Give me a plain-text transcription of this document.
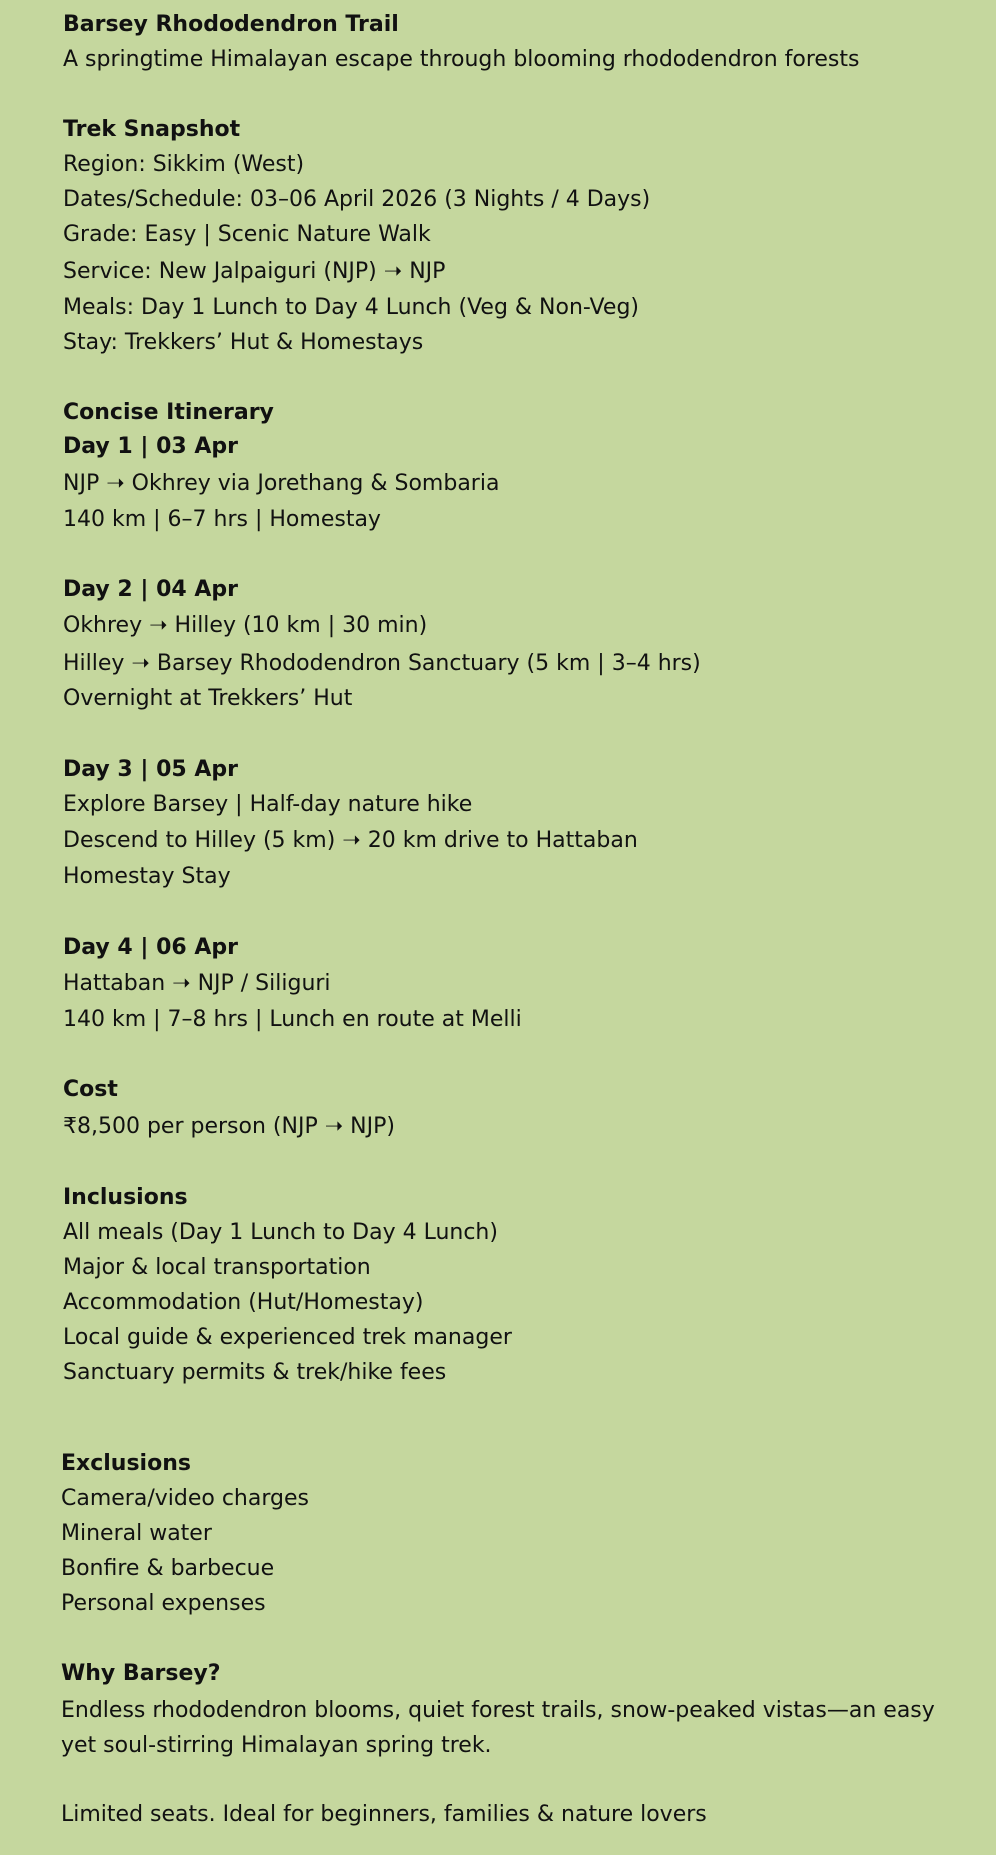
Barsey Rhododendron Trail
A springtime Himalayan escape through blooming rhododendron forests
Trek Snapshot
Region: Sikkim (West)
Dates/Schedule: 03–06 April 2026 (3 Nights / 4 Days)
Grade: Easy | Scenic Nature Walk
Service: New Jalpaiguri (NJP) ➝ NJP
Meals: Day 1 Lunch to Day 4 Lunch (Veg & Non-Veg)
Stay: Trekkers’ Hut & Homestays
Concise Itinerary
Day 1 | 03 Apr
NJP ➝ Okhrey via Jorethang & Sombaria
140 km | 6–7 hrs | Homestay
Day 2 | 04 Apr
Okhrey ➝ Hilley (10 km | 30 min)
Hilley ➝ Barsey Rhododendron Sanctuary (5 km | 3–4 hrs)
Overnight at Trekkers’ Hut
Day 3 | 05 Apr
Explore Barsey | Half-day nature hike
Descend to Hilley (5 km) ➝ 20 km drive to Hattaban
Homestay Stay
Day 4 | 06 Apr
Hattaban ➝ NJP / Siliguri
140 km | 7–8 hrs | Lunch en route at Melli
Cost
₹8,500 per person (NJP ➝ NJP)
Inclusions
All meals (Day 1 Lunch to Day 4 Lunch)
Major & local transportation
Accommodation (Hut/Homestay)
Local guide & experienced trek manager
Sanctuary permits & trek/hike fees
Exclusions
Camera/video charges
Mineral water
Bonfire & barbecue
Personal expenses
Why Barsey?
Endless rhododendron blooms, quiet forest trails, snow-peaked vistas—an easy yet soul-stirring Himalayan spring trek.
Limited seats. Ideal for beginners, families & nature lovers
